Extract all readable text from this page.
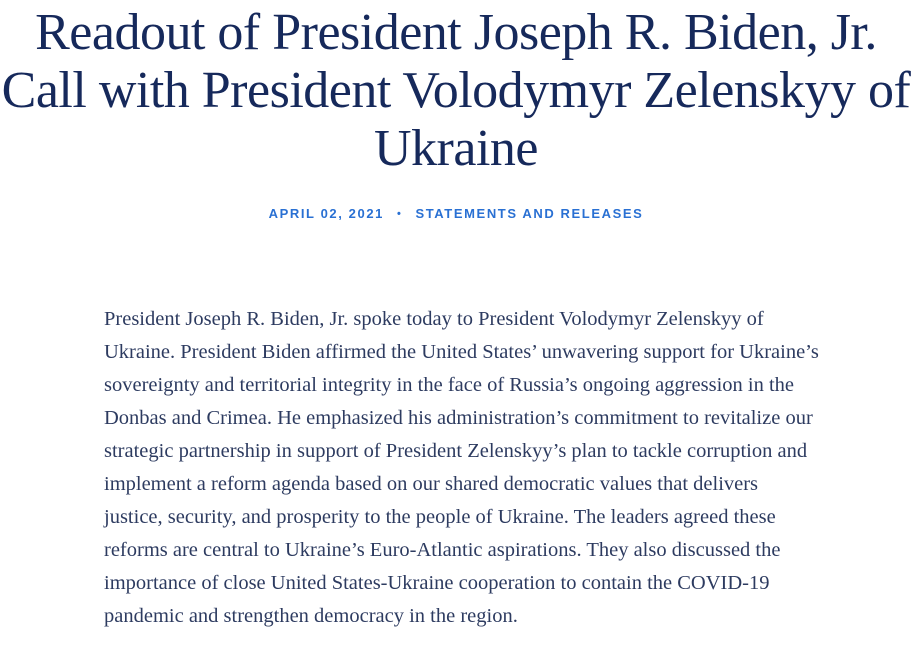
Readout of President Joseph R. Biden, Jr. Call with President Volodymyr Zelenskyy of Ukraine
APRIL 02, 2021 • STATEMENTS AND RELEASES

President Joseph R. Biden, Jr. spoke today to President Volodymyr Zelenskyy of Ukraine. President Biden affirmed the United States’ unwavering support for Ukraine’s sovereignty and territorial integrity in the face of Russia’s ongoing aggression in the Donbas and Crimea. He emphasized his administration’s commitment to revitalize our strategic partnership in support of President Zelenskyy’s plan to tackle corruption and implement a reform agenda based on our shared democratic values that delivers justice, security, and prosperity to the people of Ukraine. The leaders agreed these reforms are central to Ukraine’s Euro-Atlantic aspirations. They also discussed the importance of close United States-Ukraine cooperation to contain the COVID-19 pandemic and strengthen democracy in the region.
